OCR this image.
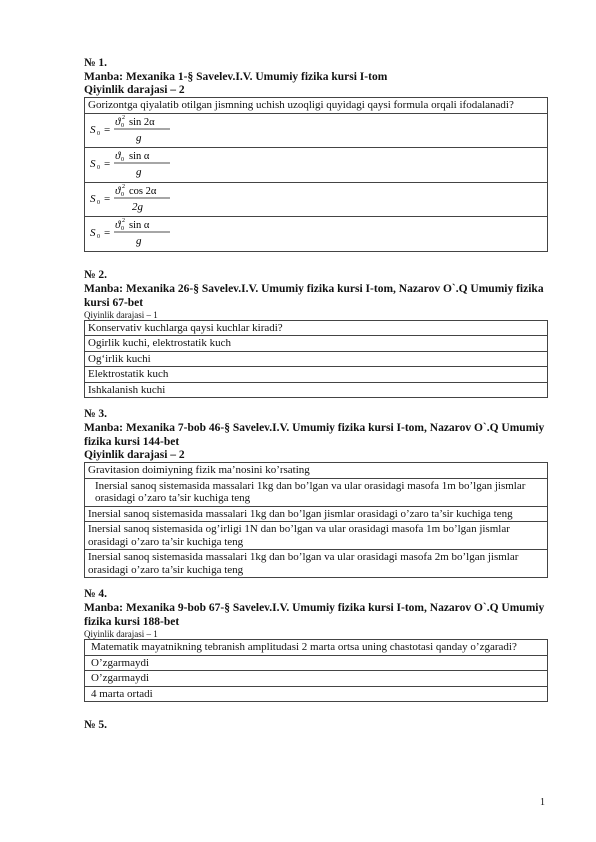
№ 1.

Manba: Mexanika 1-§ Savelev.I.V. Umumiy fizika kursi I-tom

Qiyinlik darajasi – 2

Gorizontga qiyalatib otilgan jismning uchish uzoqligi quyidagi qaysi formula orqali ifodalanadi?

S 0 =
ϑ 0
2 sin 2α
g

S 0 =
ϑ 0 sin α
g

S 0 =
ϑ 0
2 cos 2α
2g

S 0 =
ϑ 0
2 sin α
g

№ 2.

Manba: Mexanika 26-§ Savelev.I.V. Umumiy fizika kursi I-tom, Nazarov O`.Q Umumiy fizika kursi 67-bet

Qiyinlik darajasi – 1

Konservativ kuchlarga qaysi kuchlar kiradi?
Ogirlik kuchi, elektrostatik kuch
Og‘irlik kuchi
Elektrostatik kuch
Ishkalanish kuchi

№ 3.

Manba: Mexanika 7-bob 46-§ Savelev.I.V. Umumiy fizika kursi I-tom, Nazarov O`.Q Umumiy fizika kursi 144-bet

Qiyinlik darajasi – 2

Gravitasion doimiyning fizik ma’nosini ko’rsating
Inersial sanoq sistemasida massalari 1kg dan bo’lgan va ular orasidagi masofa 1m bo’lgan jismlar orasidagi o’zaro ta’sir kuchiga teng
Inersial sanoq sistemasida massalari 1kg dan bo’lgan jismlar orasidagi o’zaro ta’sir kuchiga teng
Inersial sanoq sistemasida og’irligi 1N dan bo’lgan va ular orasidagi masofa 1m bo’lgan jismlar orasidagi o’zaro ta’sir kuchiga teng
Inersial sanoq sistemasida massalari 1kg dan bo’lgan va ular orasidagi masofa 2m bo’lgan jismlar orasidagi o’zaro ta’sir kuchiga teng

№ 4.

Manba: Mexanika 9-bob 67-§ Savelev.I.V. Umumiy fizika kursi I-tom, Nazarov O`.Q Umumiy fizika kursi 188-bet

Qiyinlik darajasi – 1

Matematik mayatnikning tebranish amplitudasi 2 marta ortsa uning chastotasi qanday o’zgaradi?
O’zgarmaydi
O’zgarmaydi
4 marta ortadi

№ 5.

1
